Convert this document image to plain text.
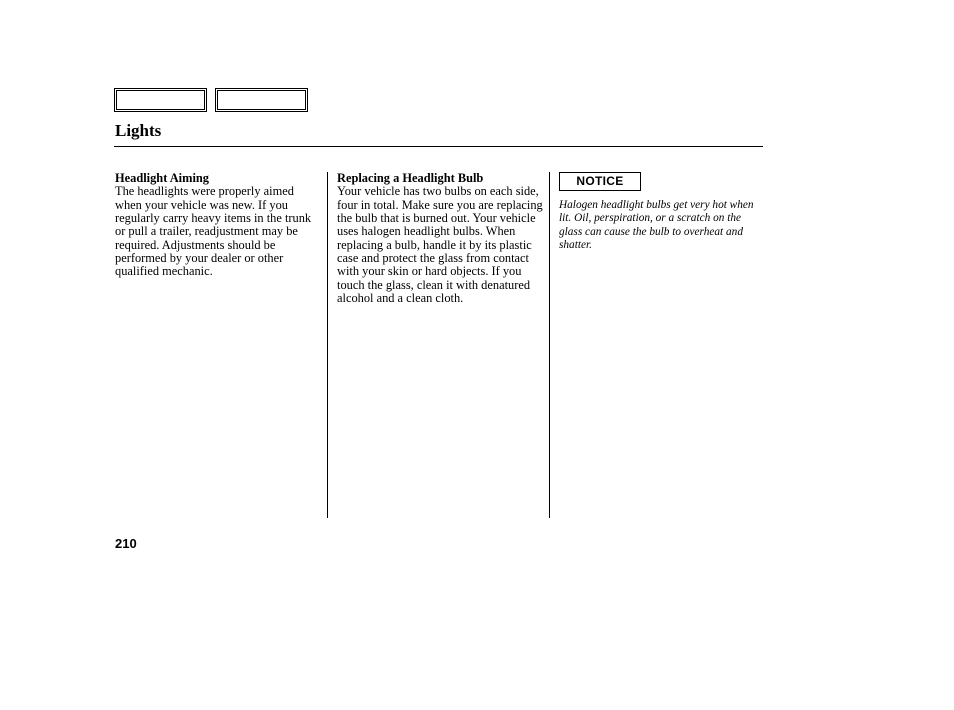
Lights
Headlight Aiming
The headlights were properly aimed when your vehicle was new. If you regularly carry heavy items in the trunk or pull a trailer, readjustment may be required. Adjustments should be performed by your dealer or other qualified mechanic.
Replacing a Headlight Bulb
Your vehicle has two bulbs on each side, four in total. Make sure you are replacing the bulb that is burned out. Your vehicle uses halogen headlight bulbs. When replacing a bulb, handle it by its plastic case and protect the glass from contact with your skin or hard objects. If you touch the glass, clean it with denatured alcohol and a clean cloth.
NOTICE
Halogen headlight bulbs get very hot when lit. Oil, perspiration, or a scratch on the glass can cause the bulb to overheat and shatter.
210
